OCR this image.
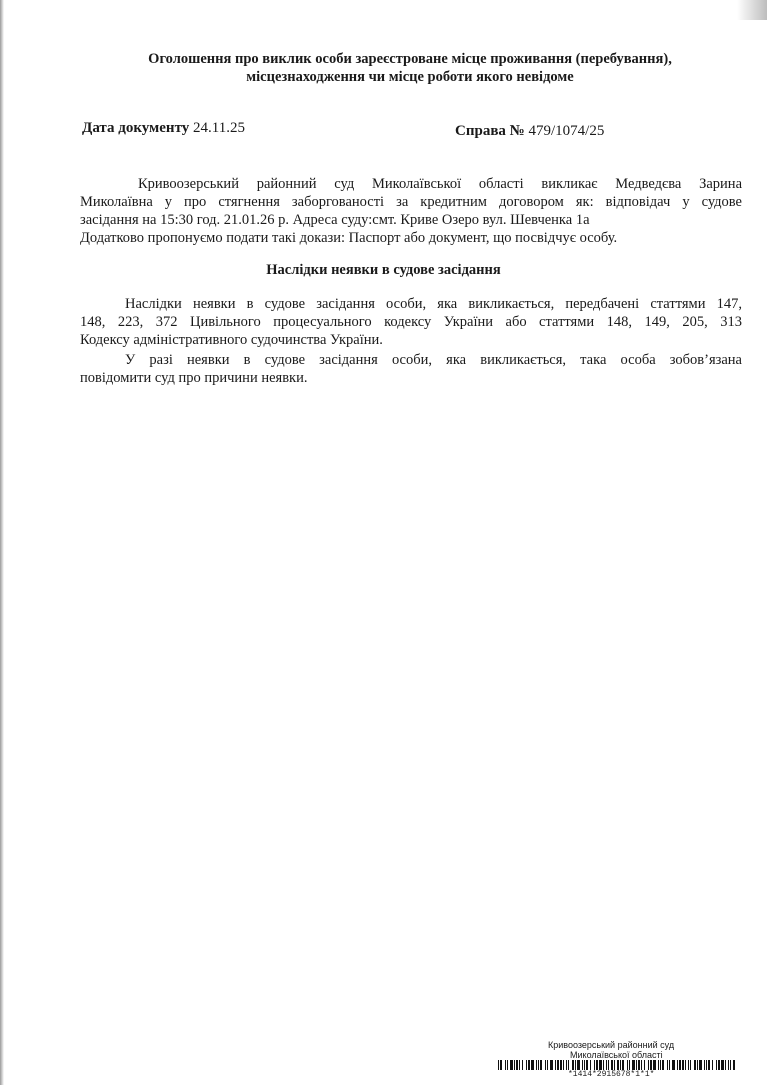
Оголошення про виклик особи зареєстроване місце проживання (перебування),
місцезнаходження чи місце роботи якого невідоме
Дата документу 24.11.25	Справа № 479/1074/25
Кривоозерський районний суд Миколаївської області викликає Медведєва Зарина
Миколаївна у про стягнення заборгованості за кредитним договором як: відповідач у судове
засідання на 15:30 год. 21.01.26 р. Адреса суду:смт. Криве Озеро вул. Шевченка 1а
Додатково пропонуємо подати такі докази: Паспорт або документ, що посвідчує особу.
Наслідки неявки в судове засідання
Наслідки неявки в судове засідання особи, яка викликається, передбачені статтями 147,
148, 223, 372 Цивільного процесуального кодексу України або статтями 148, 149, 205, 313
Кодексу адміністративного судочинства України.
У разі неявки в судове засідання особи, яка викликається, така особа зобов’язана
повідомити суд про причини неявки.
Кривоозерський районний суд
Миколаївської області
*1414*2915678*1*1*
